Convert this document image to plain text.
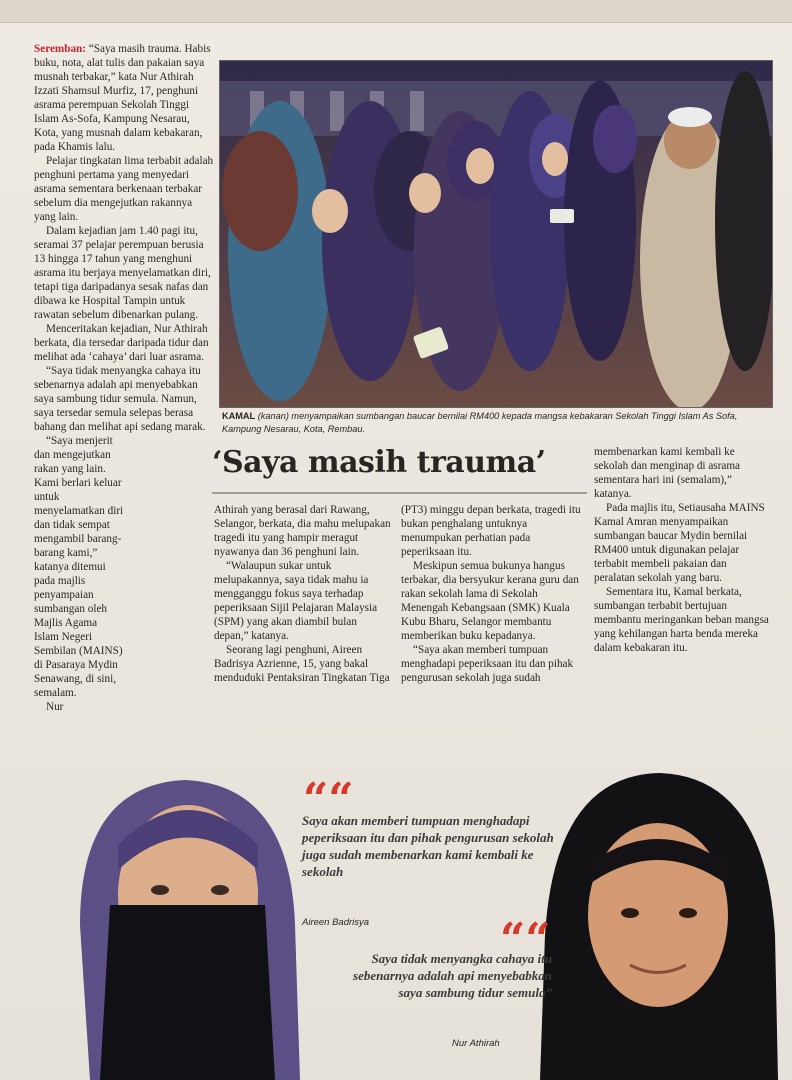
Seremban: “Saya masih trauma. Habis buku, nota, alat tulis dan pakaian saya musnah terbakar,” kata Nur Athirah Izzati Shamsul Murfiz, 17, penghuni asrama perempuan Sekolah Tinggi Islam As-Sofa, Kampung Nesarau, Kota, yang musnah dalam kebakaran, pada Khamis lalu.

Pelajar tingkatan lima terbabit adalah penghuni pertama yang menyedari asrama sementara berkenaan terbakar sebelum dia mengejutkan rakannya yang lain.

Dalam kejadian jam 1.40 pagi itu, seramai 37 pelajar perempuan berusia 13 hingga 17 tahun yang menghuni asrama itu berjaya menyelamatkan diri, tetapi tiga daripadanya sesak nafas dan dibawa ke Hospital Tampin untuk rawatan sebelum dibenarkan pulang.

Menceritakan kejadian, Nur Athirah berkata, dia tersedar daripada tidur dan melihat ada ‘cahaya’ dari luar asrama.

“Saya tidak menyangka cahaya itu sebenarnya adalah api menyebabkan saya sambung tidur semula. Namun, saya tersedar semula selepas berasa bahang dan melihat api sedang marak.

“Saya menjerit dan mengejutkan rakan yang lain. Kami berlari keluar untuk menyelamatkan diri dan tidak sempat mengambil barang-barang kami,” katanya ditemui pada majlis penyampaian sumbangan oleh Majlis Agama Islam Negeri Sembilan (MAINS) di Pasaraya Mydin Senawang, di sini, semalam.

Nur

KAMAL (kanan) menyampaikan sumbangan baucar bernilai RM400 kepada mangsa kebakaran Sekolah Tinggi Islam As Sofa, Kampung Nesarau, Kota, Rembau.
‘Saya masih trauma’

Athirah yang berasal dari Rawang, Selangor, berkata, dia mahu melupakan tragedi itu yang hampir meragut nyawanya dan 36 penghuni lain.

“Walaupun sukar untuk melupakannya, saya tidak mahu ia mengganggu fokus saya terhadap peperiksaan Sijil Pelajaran Malaysia (SPM) yang akan diambil bulan depan,” katanya.

Seorang lagi penghuni, Aireen Badrisya Azrienne, 15, yang bakal menduduki Pentaksiran Tingkatan Tiga

(PT3) minggu depan berkata, tragedi itu bukan penghalang untuknya menumpukan perhatian pada peperiksaan itu.

Meskipun semua bukunya hangus terbakar, dia bersyukur kerana guru dan rakan sekolah lama di Sekolah Menengah Kebangsaan (SMK) Kuala Kubu Bharu, Selangor membantu memberikan buku kepadanya.

“Saya akan memberi tumpuan menghadapi peperiksaan itu dan pihak pengurusan sekolah juga sudah

membenarkan kami kembali ke sekolah dan menginap di asrama sementara hari ini (semalam),” katanya.

Pada majlis itu, Setiausaha MAINS Kamal Amran menyampaikan sumbangan baucar Mydin bernilai RM400 untuk digunakan pelajar terbabit membeli pakaian dan peralatan sekolah yang baru.

Sementara itu, Kamal berkata, sumbangan terbabit bertujuan membantu meringankan beban mangsa yang kehilangan harta benda mereka dalam kebakaran itu.

““
Saya akan memberi tumpuan menghadapi peperiksaan itu dan pihak pengurusan sekolah juga sudah membenarkan kami kembali ke sekolah
Aireen Badrisya	““
Saya tidak menyangka cahaya itu sebenarnya adalah api menyebabkan saya sambung tidur semula”
Nur Athirah
